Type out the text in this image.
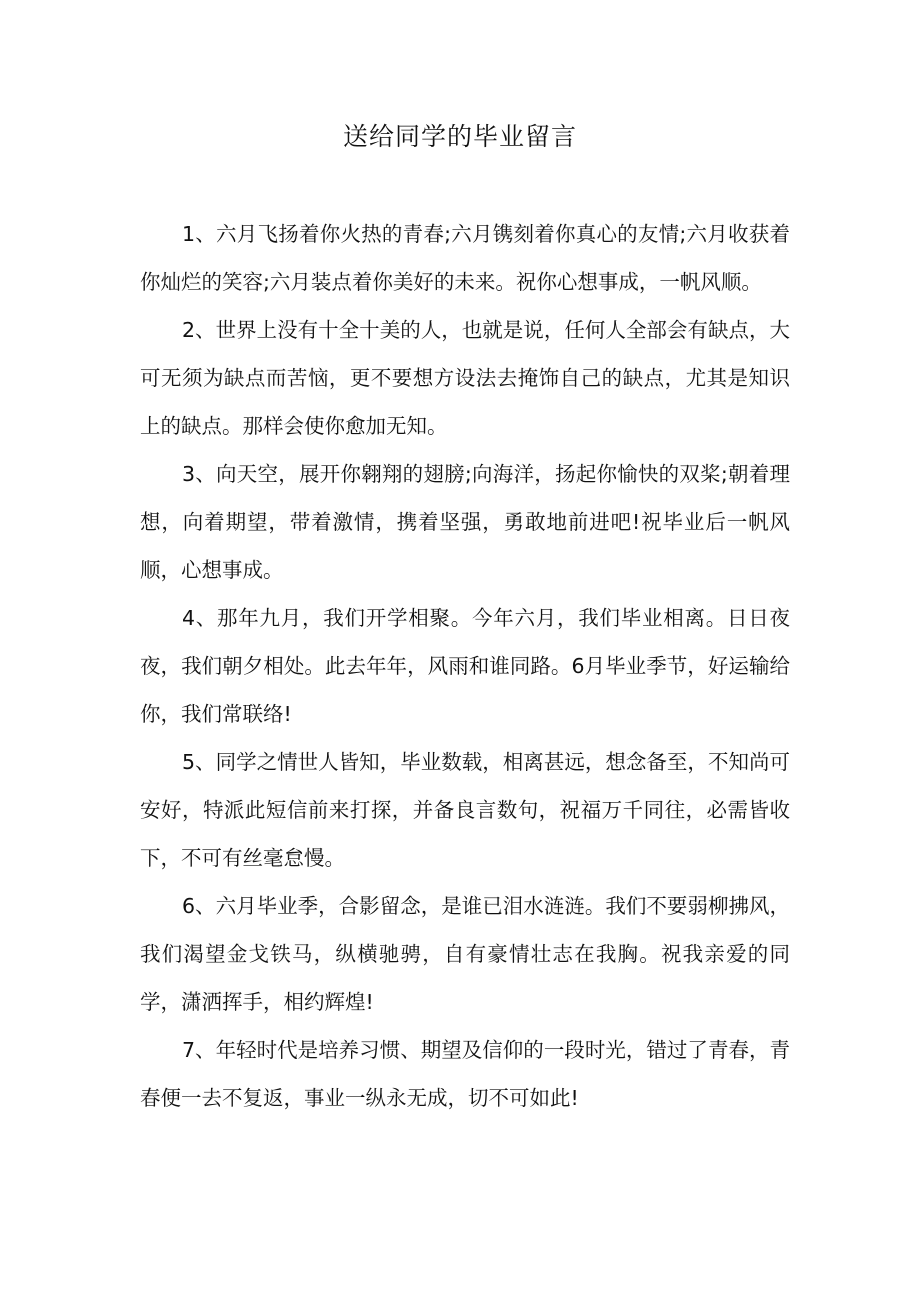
送给同学的毕业留言

1、六月飞扬着你火热的青春;六月镌刻着你真心的友情;六月收获着你灿烂的笑容;六月装点着你美好的未来。祝你心想事成，一帆风顺。

2、世界上没有十全十美的人，也就是说，任何人全部会有缺点，大可无须为缺点而苦恼，更不要想方设法去掩饰自己的缺点，尤其是知识上的缺点。那样会使你愈加无知。

3、向天空，展开你翱翔的翅膀;向海洋，扬起你愉快的双桨;朝着理想，向着期望，带着激情，携着坚强，勇敢地前进吧!祝毕业后一帆风顺，心想事成。

4、那年九月，我们开学相聚。今年六月，我们毕业相离。日日夜夜，我们朝夕相处。此去年年，风雨和谁同路。6月毕业季节，好运输给你，我们常联络!

5、同学之情世人皆知，毕业数载，相离甚远，想念备至，不知尚可安好，特派此短信前来打探，并备良言数句，祝福万千同往，必需皆收下，不可有丝毫怠慢。

6、六月毕业季，合影留念，是谁已泪水涟涟。我们不要弱柳拂风，我们渴望金戈铁马，纵横驰骋，自有豪情壮志在我胸。祝我亲爱的同学，潇洒挥手，相约辉煌!

7、年轻时代是培养习惯、期望及信仰的一段时光，错过了青春，青春便一去不复返，事业一纵永无成，切不可如此!
